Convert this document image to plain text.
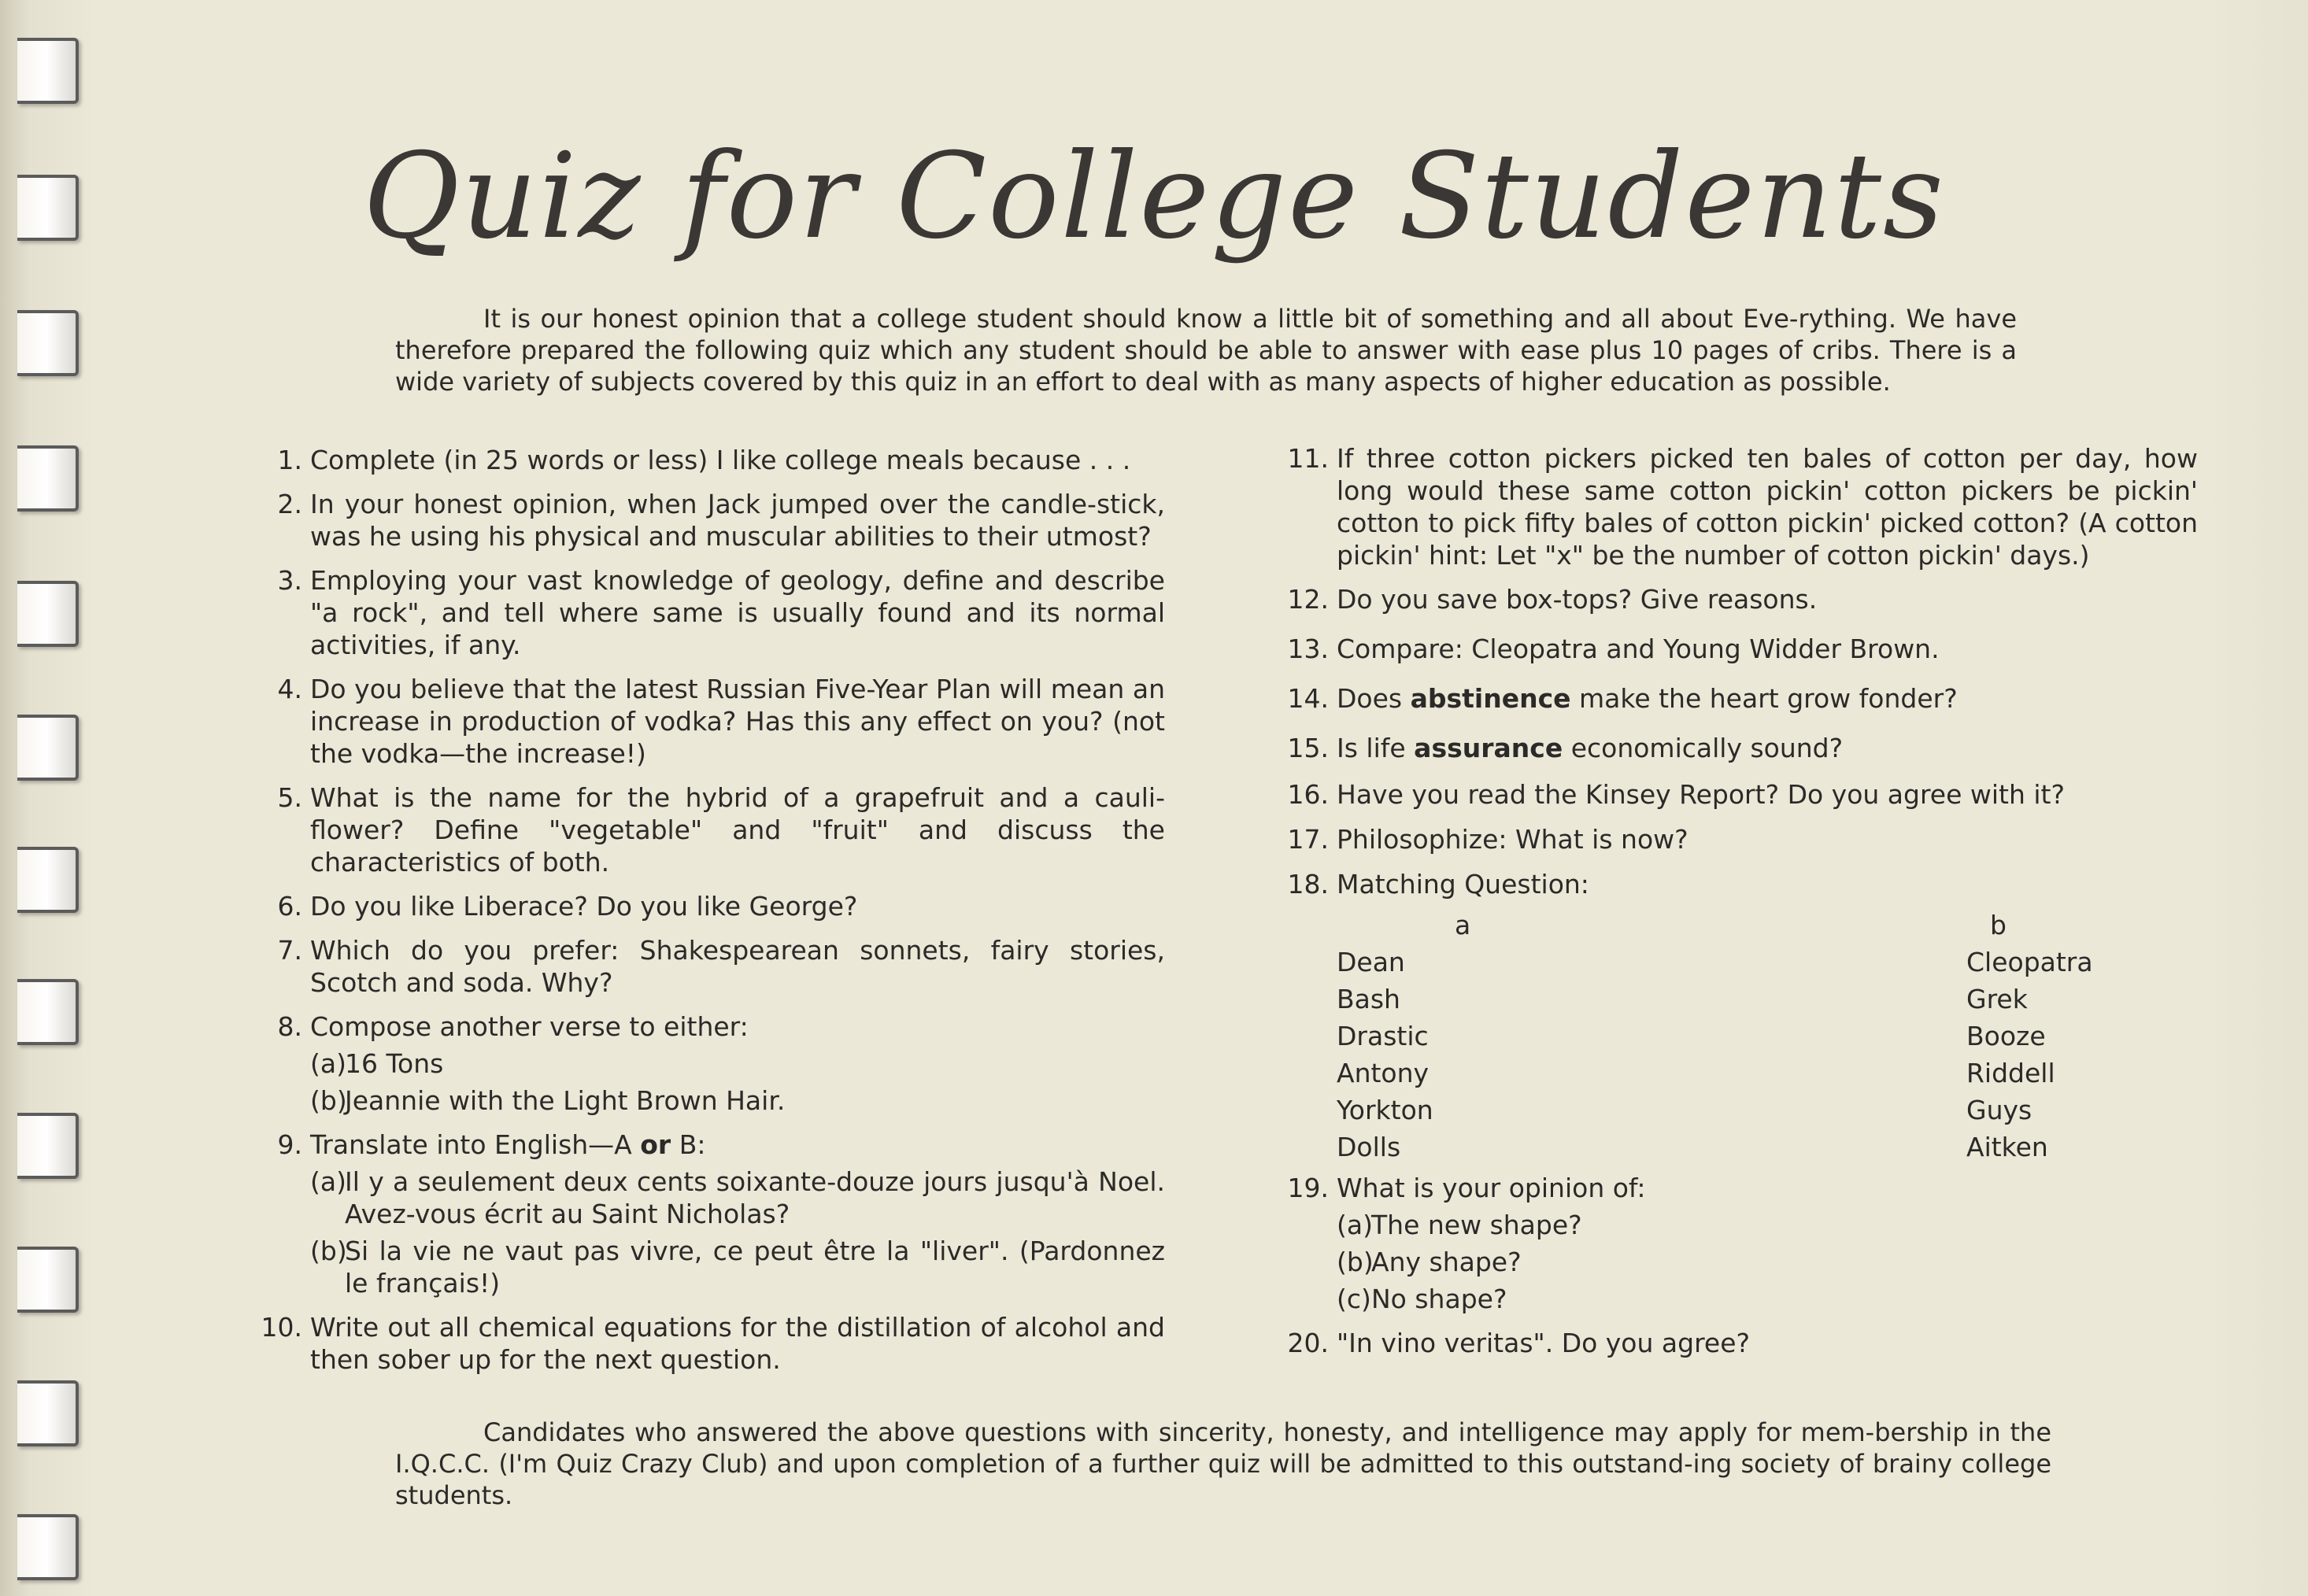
Quiz for College Students

It is our honest opinion that a college student should know a little bit of something and all about Eve-rything. We have therefore prepared the following quiz which any student should be able to answer with ease plus 10 pages of cribs. There is a wide variety of subjects covered by this quiz in an effort to deal with as many aspects of higher education as possible.

1. Complete (in 25 words or less) I like college meals because . . .
2. In your honest opinion, when Jack jumped over the candle-stick, was he using his physical and muscular abilities to their utmost?
3. Employing your vast knowledge of geology, define and describe "a rock", and tell where same is usually found and its normal activities, if any.
4. Do you believe that the latest Russian Five-Year Plan will mean an increase in production of vodka? Has this any effect on you? (not the vodka—the increase!)
5. What is the name for the hybrid of a grapefruit and a cauli-flower? Define "vegetable" and "fruit" and discuss the characteristics of both.
6. Do you like Liberace? Do you like George?
7. Which do you prefer: Shakespearean sonnets, fairy stories, Scotch and soda. Why?
8. Compose another verse to either:
(a)
16 Tons
(b)
Jeannie with the Light Brown Hair.
9. Translate into English—A or B:
(a)
Il y a seulement deux cents soixante-douze jours jusqu'à Noel. Avez-vous écrit au Saint Nicholas?
(b)
Si la vie ne vaut pas vivre, ce peut être la "liver". (Pardonnez le français!)
10. Write out all chemical equations for the distillation of alcohol and then sober up for the next question.
11. If three cotton pickers picked ten bales of cotton per day, how long would these same cotton pickin' cotton pickers be pickin' cotton to pick fifty bales of cotton pickin' picked cotton? (A cotton pickin' hint: Let "x" be the number of cotton pickin' days.)
12. Do you save box-tops? Give reasons.
13. Compare: Cleopatra and Young Widder Brown.
14. Does abstinence make the heart grow fonder?
15. Is life assurance economically sound?
16. Have you read the Kinsey Report? Do you agree with it?
17. Philosophize: What is now?
18. Matching Question:
a	b
Dean	Cleopatra
Bash	Grek
Drastic	Booze
Antony	Riddell
Yorkton	Guys
Dolls	Aitken
19. What is your opinion of:
(a)
The new shape?
(b)
Any shape?
(c) No shape?
20. "In vino veritas". Do you agree?

Candidates who answered the above questions with sincerity, honesty, and intelligence may apply for mem-bership in the I.Q.C.C. (I'm Quiz Crazy Club) and upon completion of a further quiz will be admitted to this outstand-ing society of brainy college students.
